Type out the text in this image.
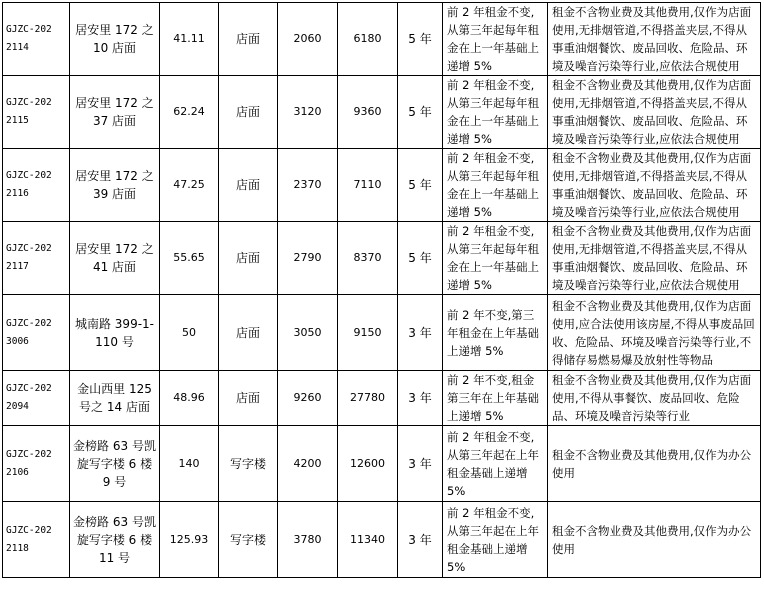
GJZC-202
2114	居安里 172 之 10 店面	41.11	店面	2060	6180	5 年	前 2 年租金不变,从第三年起每年租金在上一年基础上递增 5%	租金不含物业费及其他费用,仅作为店面使用,无排烟管道,不得搭盖夹层,不得从事重油烟餐饮、废品回收、危险品、环境及噪音污染等行业,应依法合规使用

GJZC-202
2115	居安里 172 之 37 店面	62.24	店面	3120	9360	5 年	前 2 年租金不变,从第三年起每年租金在上一年基础上递增 5%	租金不含物业费及其他费用,仅作为店面使用,无排烟管道,不得搭盖夹层,不得从事重油烟餐饮、废品回收、危险品、环境及噪音污染等行业,应依法合规使用

GJZC-202
2116	居安里 172 之 39 店面	47.25	店面	2370	7110	5 年	前 2 年租金不变,从第三年起每年租金在上一年基础上递增 5%	租金不含物业费及其他费用,仅作为店面使用,无排烟管道,不得搭盖夹层,不得从事重油烟餐饮、废品回收、危险品、环境及噪音污染等行业,应依法合规使用

GJZC-202
2117	居安里 172 之 41 店面	55.65	店面	2790	8370	5 年	前 2 年租金不变,从第三年起每年租金在上一年基础上递增 5%	租金不含物业费及其他费用,仅作为店面使用,无排烟管道,不得搭盖夹层,不得从事重油烟餐饮、废品回收、危险品、环境及噪音污染等行业,应依法合规使用

GJZC-202
3006	城南路 399-1-110 号	50	店面	3050	9150	3 年	前 2 年不变,第三年租金在上年基础上递增 5%	租金不含物业费及其他费用,仅作为店面使用,应合法使用该房屋,不得从事废品回收、危险品、环境及噪音污染等行业,不得储存易燃易爆及放射性等物品

GJZC-202
2094	金山西里 125 号之 14 店面	48.96	店面	9260	27780	3 年	前 2 年不变,租金第三年在上年基础上递增 5%	租金不含物业费及其他费用,仅作为店面使用,不得从事餐饮、废品回收、危险品、环境及噪音污染等行业

GJZC-202
2106	金榜路 63 号凯旋写字楼 6 楼 9 号	140	写字楼	4200	12600	3 年	前 2 年租金不变,从第三年起在上年租金基础上递增 5%	租金不含物业费及其他费用,仅作为办公使用

GJZC-202
2118	金榜路 63 号凯旋写字楼 6 楼 11 号	125.93	写字楼	3780	11340	3 年	前 2 年租金不变,从第三年起在上年租金基础上递增 5%	租金不含物业费及其他费用,仅作为办公使用
